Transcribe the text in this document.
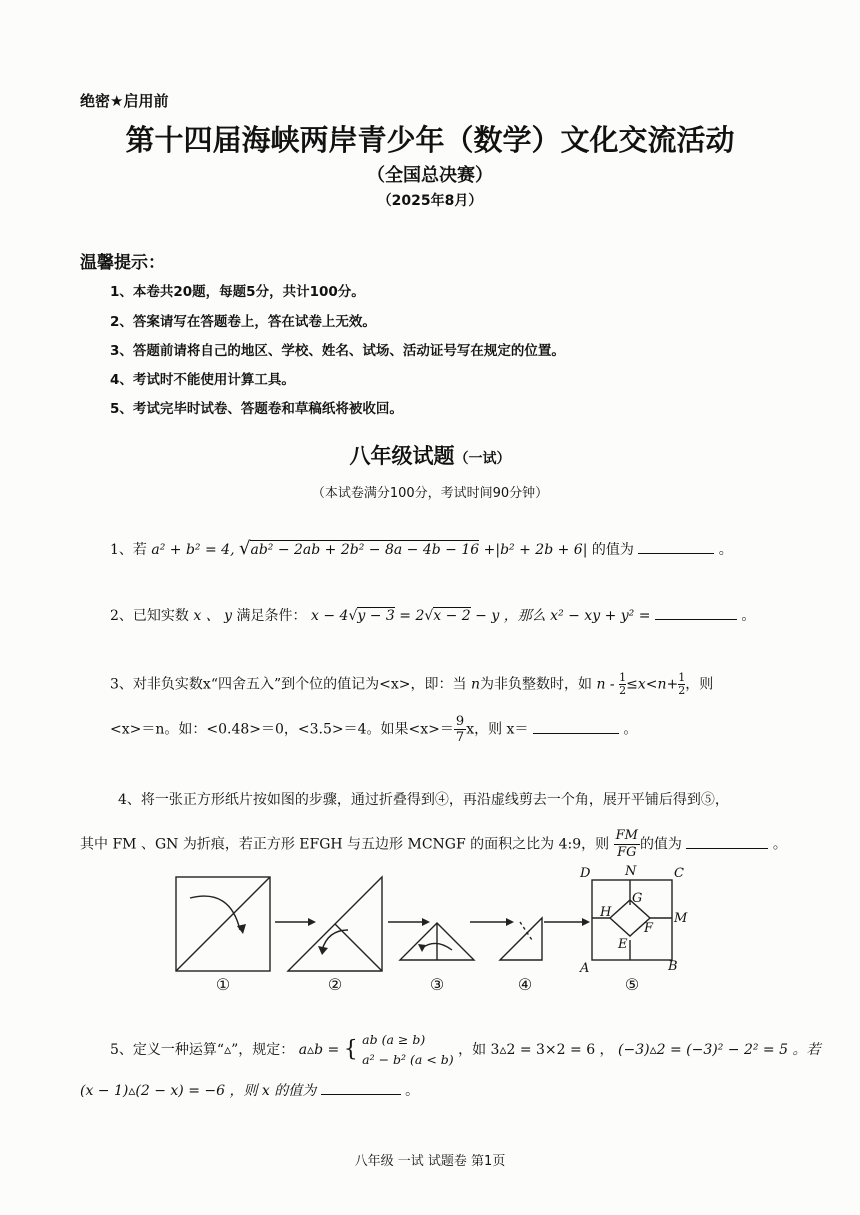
绝密★启用前
第十四届海峡两岸青少年（数学）文化交流活动
（全国总决赛）
（2025年8月）
温馨提示：
1、本卷共20题，每题5分，共计100分。
2、答案请写在答题卷上，答在试卷上无效。
3、答题前请将自己的地区、学校、姓名、试场、活动证号写在规定的位置。
4、考试时不能使用计算工具。
5、考试完毕时试卷、答题卷和草稿纸将被收回。
八年级试题（一试）
（本试卷满分100分，考试时间90分钟）
1、若 a² + b² = 4, √ab² − 2ab + 2b² − 8a − 4b − 16 +|b² + 2b + 6| 的值为	。
2、已知实数 x 、 y 满足条件： x − 4√y − 3 = 2√x − 2 − y ，那么 x² − xy + y² =	。
3、对非负实数x“四舍五入”到个位的值记为<x>，即：当 n为非负整数时，如 $n - \frac{1}{2} \le x<n+ \frac{1}{2}$ ，则
<x>＝n。如：<0.48>＝0，<3.5>＝4。如果$<x>= \frac{9}{7}$ x，则 x＝	。
4、将一张正方形纸片按如图的步骤，通过折叠得到④，再沿虚线剪去一个角，展开平铺后得到⑤，
其中 FM 、GN 为折痕，若正方形 EFGH 与五边形 MCNGF 的面积之比为 4:9，则 $\frac{FM}{FG}$ 的值为	。
①	②	③	④	⑤
D	N	C
G
H	M
F
E
A	B
5、定义一种运算“▵”，规定： a▵b = { ab (a ≥ b)
a² − b² (a < b)
，如 3▵2 = 3×2 = 6 ， (−3)▵2 = (−3)² − 2² = 5 。若
(x − 1)▵(2 − x) = −6 ，则 x 的值为	。
八年级 一试 试题卷 第1页
